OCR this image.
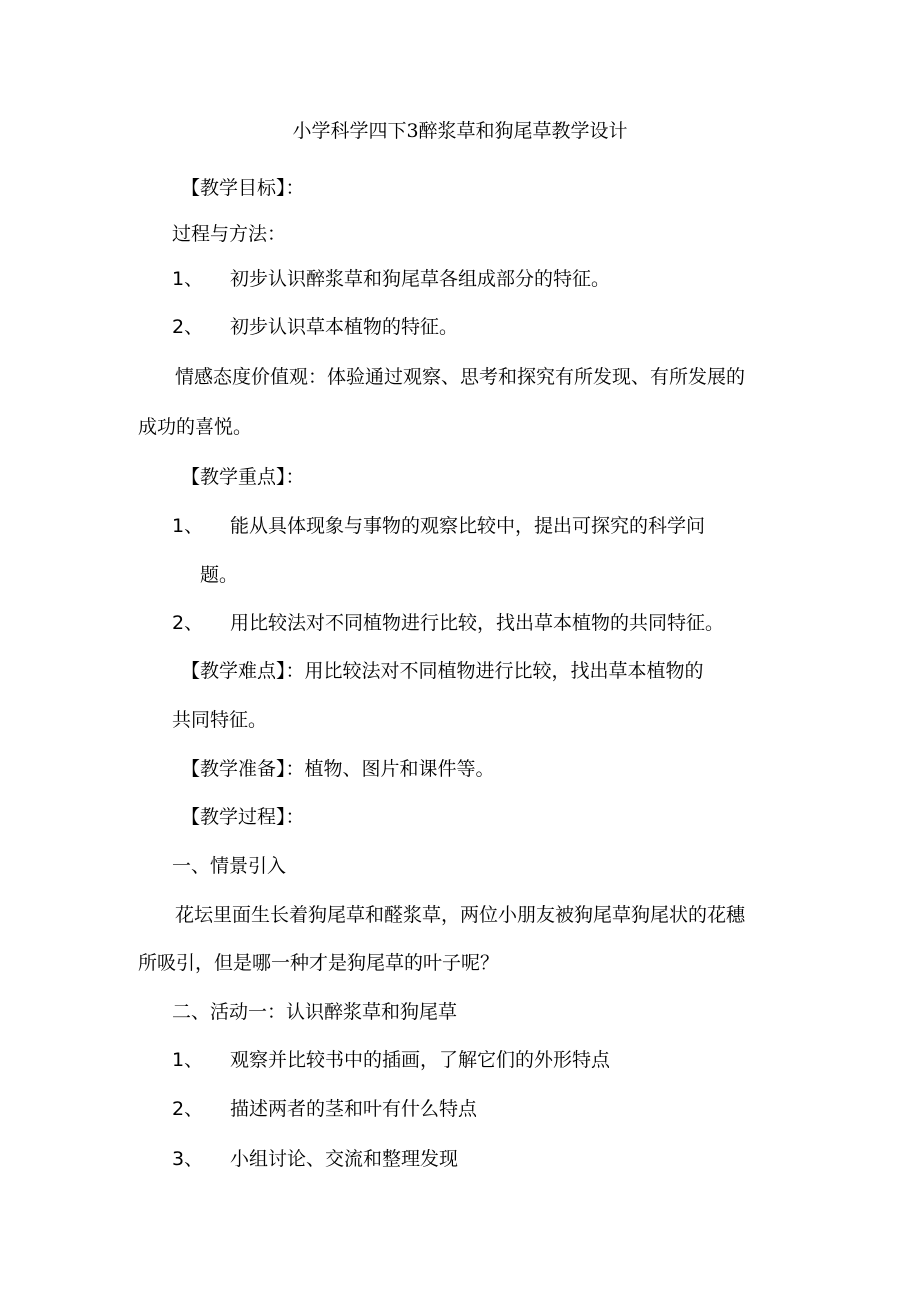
小学科学四下3醉浆草和狗尾草教学设计
【教学目标】：
过程与方法：
1、 初步认识醉浆草和狗尾草各组成部分的特征。
2、 初步认识草本植物的特征。
情感态度价值观：体验通过观察、思考和探究有所发现、有所发展的
成功的喜悦。
【教学重点】：
1、 能从具体现象与事物的观察比较中，提出可探究的科学问
题。
2、 用比较法对不同植物进行比较，找出草本植物的共同特征。
【教学难点】：用比较法对不同植物进行比较，找出草本植物的
共同特征。
【教学准备】：植物、图片和课件等。
【教学过程】：
一、情景引入
花坛里面生长着狗尾草和醛浆草，两位小朋友被狗尾草狗尾状的花穗
所吸引，但是哪一种才是狗尾草的叶子呢？
二、活动一：认识醉浆草和狗尾草
1、 观察并比较书中的插画，了解它们的外形特点
2、 描述两者的茎和叶有什么特点
3、 小组讨论、交流和整理发现
